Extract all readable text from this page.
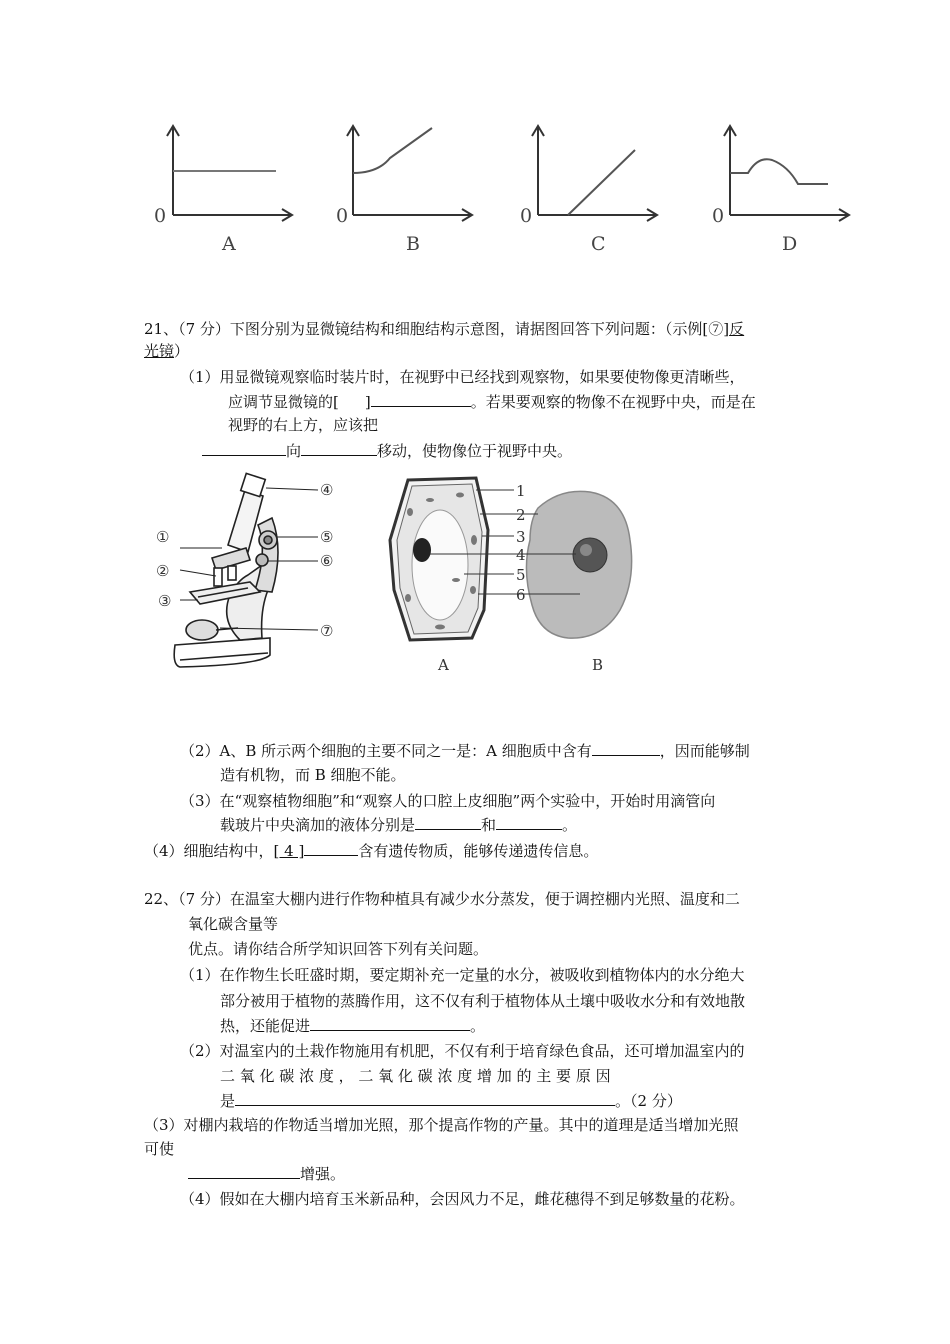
0	0	0	0
A	B	C	D
21、（7 分）下图分别为显微镜结构和细胞结构示意图，请据图回答下列问题：（示例[⑦]反
光镜）
（1）用显微镜观察临时装片时，在视野中已经找到观察物，如果要使物像更清晰些，
应调节显微镜的[ ]	。若果要观察的物像不在视野中央，而是在
视野的右上方，应该把
向	移动，使物像位于视野中央。
①
②
③
④
⑤
⑥
⑦
1
2
3
4
5
6
A	B
（2）A、B 所示两个细胞的主要不同之一是：A 细胞质中含有	，因而能够制
造有机物，而 B 细胞不能。
（3）在“观察植物细胞”和“观察人的口腔上皮细胞”两个实验中，开始时用滴管向
载玻片中央滴加的液体分别是	和	。
（4）细胞结构中，[ 4 ]	含有遗传物质，能够传递遗传信息。
22、（7 分）在温室大棚内进行作物种植具有减少水分蒸发，便于调控棚内光照、温度和二
氧化碳含量等
优点。请你结合所学知识回答下列有关问题。
（1）在作物生长旺盛时期，要定期补充一定量的水分，被吸收到植物体内的水分绝大
部分被用于植物的蒸腾作用，这不仅有利于植物体从土壤中吸收水分和有效地散
热，还能促进	。
（2）对温室内的土栽作物施用有机肥，不仅有利于培育绿色食品，还可增加温室内的
二 氧 化 碳 浓 度 ， 二 氧 化 碳 浓 度 增 加 的 主 要 原 因
是	。（2 分）
（3）对棚内栽培的作物适当增加光照，那个提高作物的产量。其中的道理是适当增加光照
可使
增强。
（4）假如在大棚内培育玉米新品种，会因风力不足，雌花穗得不到足够数量的花粉。
